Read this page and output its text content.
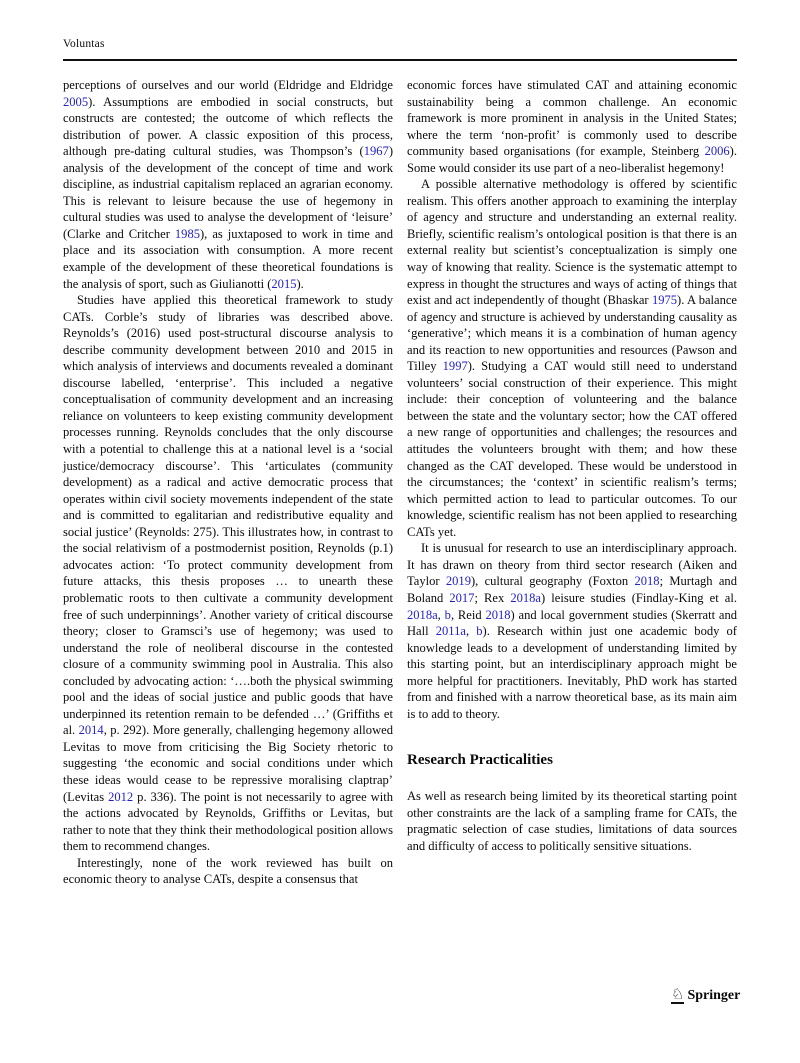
Voluntas

perceptions of ourselves and our world (Eldridge and Eldridge 2005). Assumptions are embodied in social constructs, but constructs are contested; the outcome of which reflects the distribution of power. A classic exposition of this process, although pre-dating cultural studies, was Thompson’s (1967) analysis of the development of the concept of time and work discipline, as industrial capitalism replaced an agrarian economy. This is relevant to leisure because the use of hegemony in cultural studies was used to analyse the development of ‘leisure’ (Clarke and Critcher 1985), as juxtaposed to work in time and place and its association with consumption. A more recent example of the development of these theoretical foundations is the analysis of sport, such as Giulianotti (2015).

Studies have applied this theoretical framework to study CATs. Corble’s study of libraries was described above. Reynolds’s (2016) used post-structural discourse analysis to describe community development between 2010 and 2015 in which analysis of interviews and documents revealed a dominant discourse labelled, ‘enterprise’. This included a negative conceptualisation of community development and an increasing reliance on volunteers to keep existing community development processes running. Reynolds concludes that the only discourse with a potential to challenge this at a national level is a ‘social justice/democracy discourse’. This ‘articulates (community development) as a radical and active democratic process that operates within civil society movements independent of the state and is committed to egalitarian and redistributive equality and social justice’ (Reynolds: 275). This illustrates how, in contrast to the social relativism of a postmodernist position, Reynolds (p.1) advocates action: ‘To protect community development from future attacks, this thesis proposes … to unearth these problematic roots to then cultivate a community development free of such underpinnings’. Another variety of critical discourse theory; closer to Gramsci’s use of hegemony; was used to understand the role of neoliberal discourse in the contested closure of a community swimming pool in Australia. This also concluded by advocating action: ‘….both the physical swimming pool and the ideas of social justice and public goods that have underpinned its retention remain to be defended …’ (Griffiths et al. 2014, p. 292). More generally, challenging hegemony allowed Levitas to move from criticising the Big Society rhetoric to suggesting ‘the economic and social conditions under which these ideas would cease to be repressive moralising claptrap’ (Levitas 2012 p. 336). The point is not necessarily to agree with the actions advocated by Reynolds, Griffiths or Levitas, but rather to note that they think their methodological position allows them to recommend changes.

Interestingly, none of the work reviewed has built on economic theory to analyse CATs, despite a consensus that

economic forces have stimulated CAT and attaining economic sustainability being a common challenge. An economic framework is more prominent in analysis in the United States; where the term ‘non-profit’ is commonly used to describe community based organisations (for example, Steinberg 2006). Some would consider its use part of a neo-liberalist hegemony!

A possible alternative methodology is offered by scientific realism. This offers another approach to examining the interplay of agency and structure and understanding an external reality. Briefly, scientific realism’s ontological position is that there is an external reality but scientist’s conceptualization is simply one way of knowing that reality. Science is the systematic attempt to express in thought the structures and ways of acting of things that exist and act independently of thought (Bhaskar 1975). A balance of agency and structure is achieved by understanding causality as ‘generative’; which means it is a combination of human agency and its reaction to new opportunities and resources (Pawson and Tilley 1997). Studying a CAT would still need to understand volunteers’ social construction of their experience. This might include: their conception of volunteering and the balance between the state and the voluntary sector; how the CAT offered a new range of opportunities and challenges; the resources and attitudes the volunteers brought with them; and how these changed as the CAT developed. These would be understood in the circumstances; the ‘context’ in scientific realism’s terms; which permitted action to lead to particular outcomes. To our knowledge, scientific realism has not been applied to researching CATs yet.

It is unusual for research to use an interdisciplinary approach. It has drawn on theory from third sector research (Aiken and Taylor 2019), cultural geography (Foxton 2018; Murtagh and Boland 2017; Rex 2018a) leisure studies (Findlay-King et al. 2018a, b, Reid 2018) and local government studies (Skerratt and Hall 2011a, b). Research within just one academic body of knowledge leads to a development of understanding limited by this starting point, but an interdisciplinary approach might be more helpful for practitioners. Inevitably, PhD work has started from and finished with a narrow theoretical base, as its main aim is to add to theory.

Research Practicalities

As well as research being limited by its theoretical starting point other constraints are the lack of a sampling frame for CATs, the pragmatic selection of case studies, limitations of data sources and difficulty of access to politically sensitive situations.

♘ Springer
